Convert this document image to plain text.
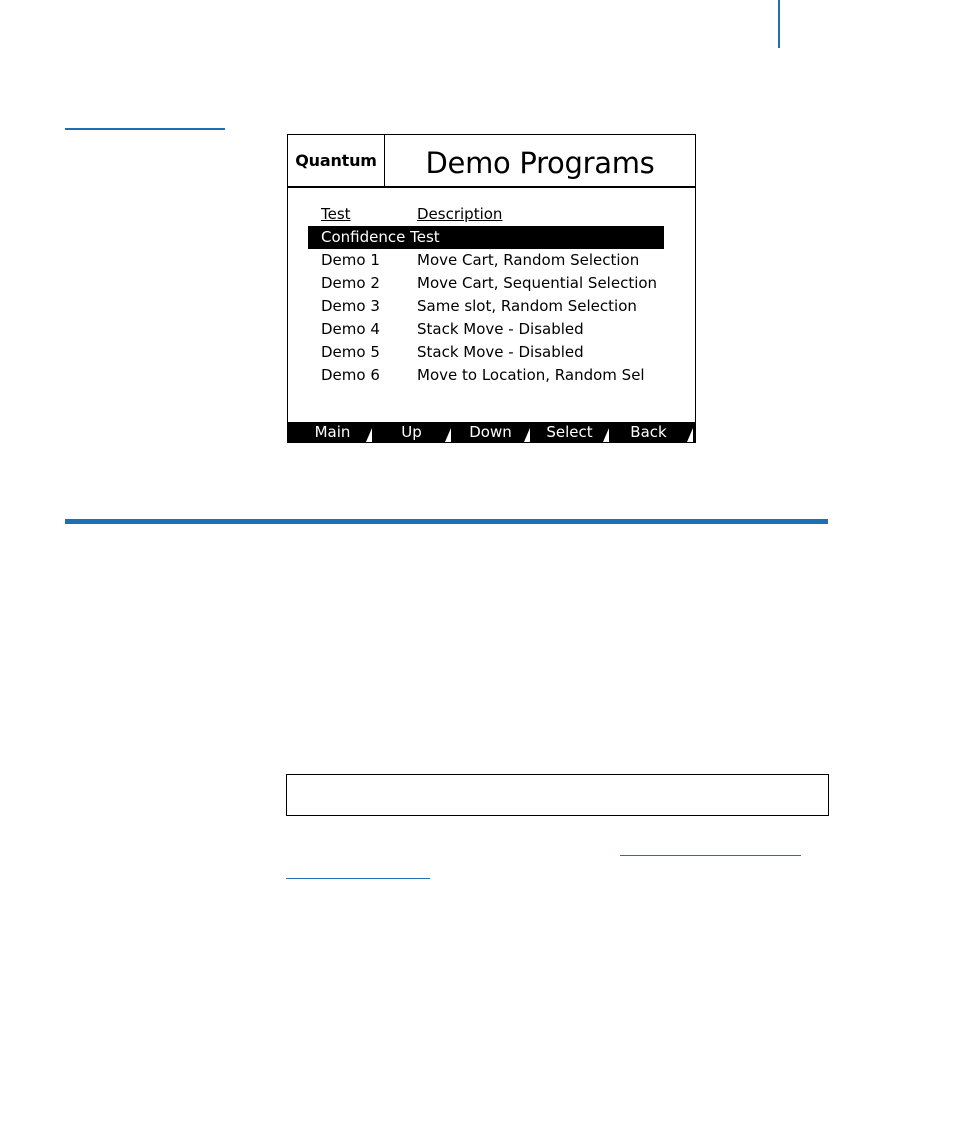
Quantum	Demo Programs
Test	Description
Confidence Test
Demo 1 Move Cart, Random Selection
Demo 2 Move Cart, Sequential Selection
Demo 3 Same slot, Random Selection
Demo 4 Stack Move - Disabled
Demo 5 Stack Move - Disabled
Demo 6 Move to Location, Random Sel
Main	Up	Down	Select	Back
